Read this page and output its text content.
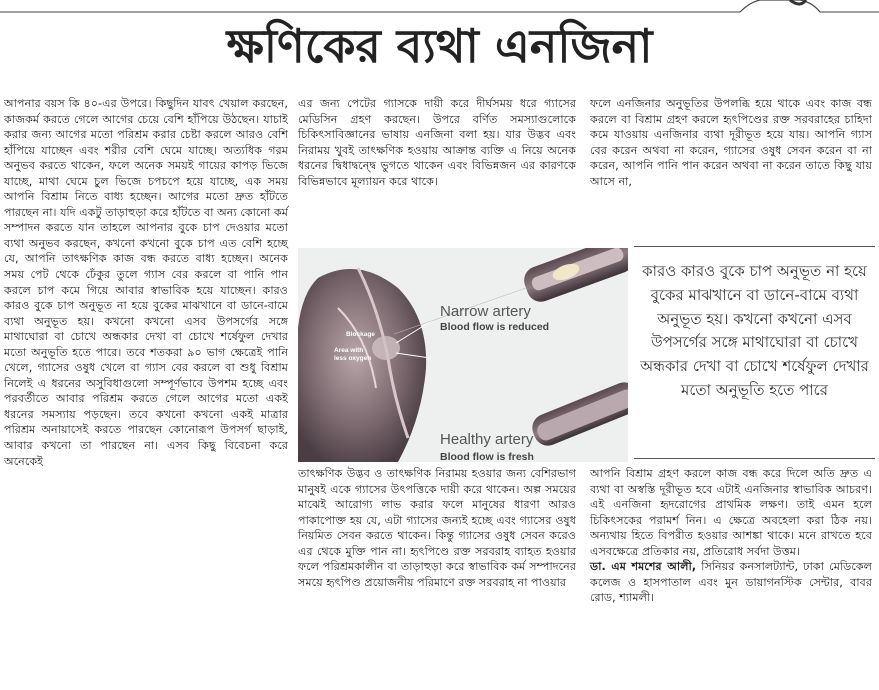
ক্ষণিকের ব্যথা এনজিনা

আপনার বয়স কি ৪০-এর উপরে। কিছুদিন যাবৎ খেয়াল করছেন, কাজকর্ম করতে গেলে আগের চেয়ে বেশি হাঁপিয়ে উঠছেন। যাচাই করার জন্য আগের মতো পরিশ্রম করার চেষ্টা করলে আরও বেশি হাঁপিয়ে যাচ্ছেন এবং শরীর বেশি ঘেমে যাচ্ছে। অত্যধিক গরম অনুভব করতে থাকেন, ফলে অনেক সময়ই গায়ের কাপড় ভিজে যাচ্ছে, মাথা ঘেমে চুল ভিজে চপচপে হয়ে যাচ্ছে, এক সময় আপনি বিশ্রাম নিতে বাধ্য হচ্ছেন। আগের মতো দ্রুত হাঁটতে পারছেন না। যদি একটু তাড়াহুড়া করে হাঁটতে বা অন্য কোনো কর্ম সম্পাদন করতে যান তাহলে আপনার বুকে চাপ দেওয়ার মতো ব্যথা অনুভব করছেন, কখনো কখনো বুকে চাপ এত বেশি হচ্ছে যে, আপনি তাৎক্ষণিক কাজ বন্ধ করতে বাধ্য হচ্ছেন। অনেক সময় পেট থেকে ঢেঁকুর তুলে গ্যাস বের করলে বা পানি পান করলে চাপ কমে গিয়ে আবার স্বাভাবিক হয়ে যাচ্ছেন। কারও কারও বুকে চাপ অনুভূত না হয়ে বুকের মাঝখানে বা ডানে-বামে ব্যথা অনুভূত হয়। কখনো কখনো এসব উপসর্গের সঙ্গে মাথাঘোরা বা চোখে অন্ধকার দেখা বা চোখে শর্ষেফুল দেখার মতো অনুভূতি হতে পারে। তবে শতকরা ৯০ ভাগ ক্ষেত্রেই পানি খেলে, গ্যাসের ওষুধ খেলে বা গ্যাস বের করলে বা শুধু বিশ্রাম নিলেই এ ধরনের অসুবিধাগুলো সম্পূর্ণভাবে উপশম হচ্ছে এবং পরবর্তীতে আবার পরিশ্রম করতে গেলে আগের মতো একই ধরনের সমস্যায় পড়ছেন। তবে কখনো কখনো একই মাত্রার পরিশ্রম অনায়াসেই করতে পারছেন কোনোরূপ উপসর্গ ছাড়াই, আবার কখনো তা পারছেন না। এসব কিছু বিবেচনা করে অনেকেই

এর জন্য পেটের গ্যাসকে দায়ী করে দীর্ঘসময় ধরে গ্যাসের মেডিসিন গ্রহণ করছেন। উপরে বর্ণিত সমস্যাগুলোকে চিকিৎসাবিজ্ঞানের ভাষায় এনজিনা বলা হয়। যার উদ্ভব এবং নিরাময় খুবই তাৎক্ষণিক হওয়ায় আক্রান্ত ব্যক্তি এ নিয়ে অনেক ধরনের দ্বিধাদ্বন্দ্বে ভুগতে থাকেন এবং বিভিন্নজন এর কারণকে বিভিন্নভাবে মূল্যায়ন করে থাকে।

ফলে এনজিনার অনুভূতির উপলব্ধি হয়ে থাকে এবং কাজ বন্ধ করলে বা বিশ্রাম গ্রহণ করলে হৃৎপিণ্ডের রক্ত সরবরাহের চাহিদা কমে যাওয়ায় এনজিনার ব্যথা দূরীভূত হয়ে যায়। আপনি গ্যাস বের করেন অথবা না করেন, গ্যাসের ওষুধ সেবন করেন বা না করেন, আপনি পানি পান করেন অথবা না করেন তাতে কিছু যায় আসে না,

Blockage
Area with
less oxygen
Narrow artery
Blood flow is reduced
Healthy artery
Blood flow is fresh
কারও কারও বুকে চাপ অনুভূত না হয়ে বুকের মাঝখানে বা ডানে-বামে ব্যথা অনুভূত হয়। কখনো কখনো এসব উপসর্গের সঙ্গে মাথাঘোরা বা চোখে অন্ধকার দেখা বা চোখে শর্ষেফুল দেখার মতো অনুভূতি হতে পারে

তাৎক্ষণিক উদ্ভব ও তাৎক্ষণিক নিরাময় হওয়ার জন্য বেশিরভাগ মানুষই একে গ্যাসের উৎপত্তিকে দায়ী করে থাকেন। অল্প সময়ের মাঝেই আরোগ্য লাভ করার ফলে মানুষের ধারণা আরও পাকাপোক্ত হয় যে, এটা গ্যাসের জন্যই হচ্ছে এবং গ্যাসের ওষুধ নিয়মিত সেবন করতে থাকেন। কিন্তু গ্যাসের ওষুধ সেবন করেও এর থেকে মুক্তি পান না। হৃৎপিণ্ডে রক্ত সরবরাহ ব্যাহত হওয়ার ফলে পরিশ্রমকালীন বা তাড়াহুড়া করে স্বাভাবিক কর্ম সম্পাদনের সময়ে হৃৎপিণ্ড প্রয়োজনীয় পরিমাণে রক্ত সরবরাহ না পাওয়ার

আপনি বিশ্রাম গ্রহণ করলে কাজ বন্ধ করে দিলে অতি দ্রুত এ ব্যথা বা অস্বস্তি দূরীভূত হবে এটাই এনজিনার স্বাভাবিক আচরণ। এই এনজিনা হৃদরোগের প্রাথমিক লক্ষণ। তাই এমন হলে চিকিৎসকের পরামর্শ নিন। এ ক্ষেত্রে অবহেলা করা ঠিক নয়। অন্যথায় হিতে বিপরীত হওয়ার আশঙ্কা থাকে। মনে রাখতে হবে এসবক্ষেত্রে প্রতিকার নয়, প্রতিরোধ সর্বদা উত্তম।

ডা. এম শমশের আলী, সিনিয়র কনসালট্যান্ট, ঢাকা মেডিকেল কলেজ ও হাসপাতাল এবং মুন ডায়াগনস্টিক সেন্টার, বাবর রোড, শ্যামলী।
